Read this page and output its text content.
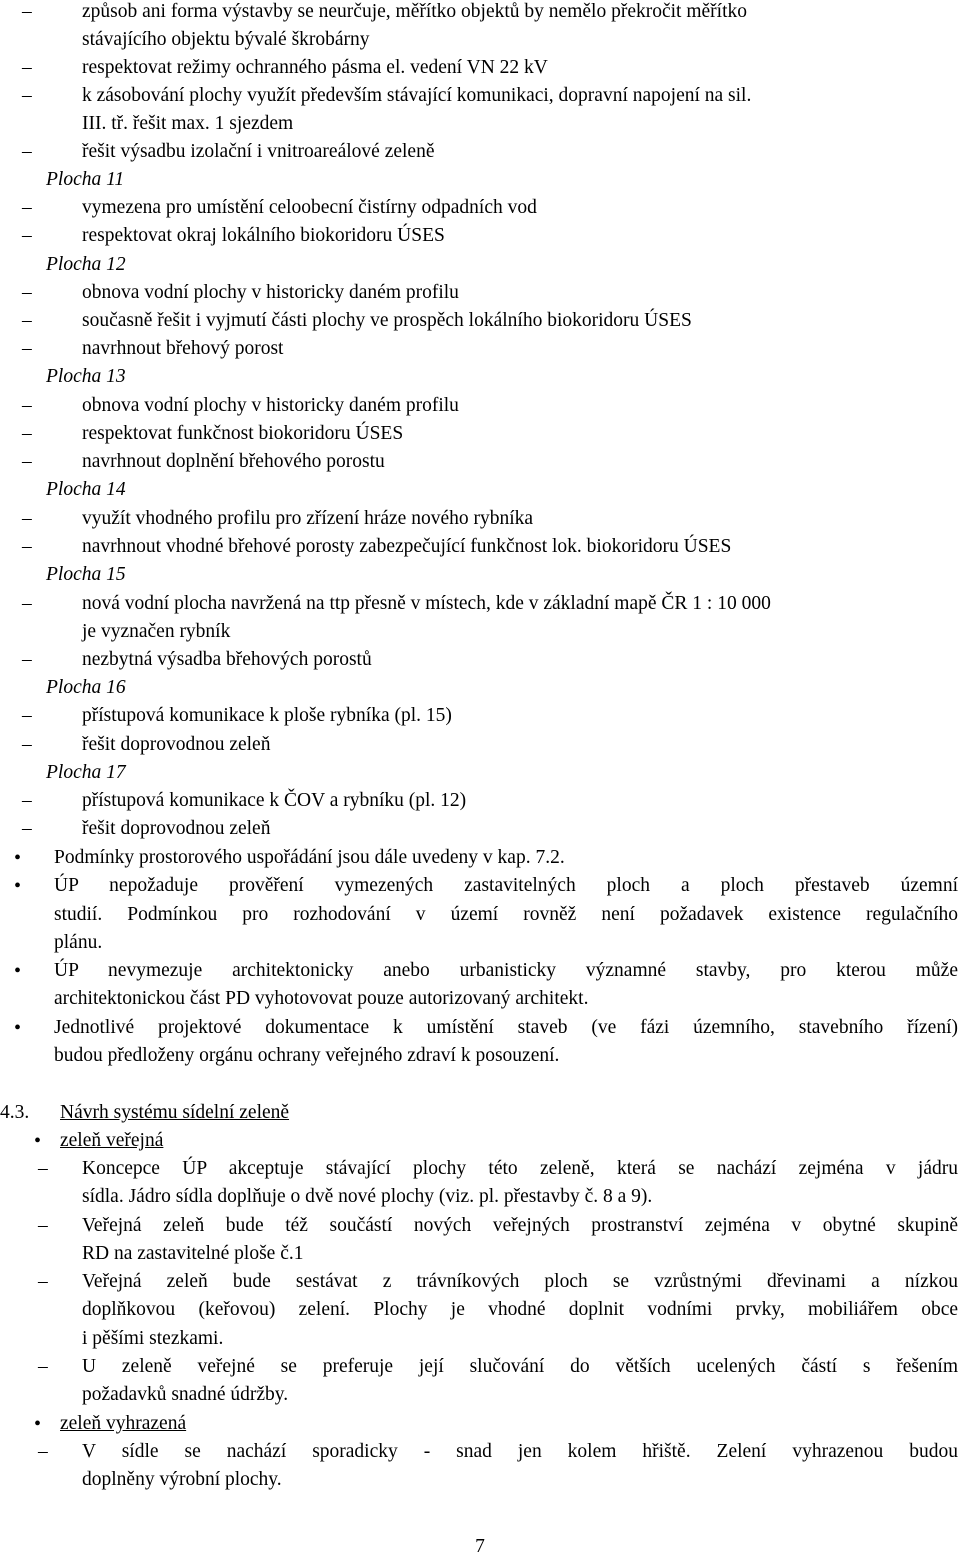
–	způsob ani forma výstavby se neurčuje, měřítko objektů by nemělo překročit měřítko
stávajícího objektu bývalé škrobárny
–	respektovat režimy ochranného pásma el. vedení VN 22 kV
–	k zásobování plochy využít především stávající komunikaci, dopravní napojení na sil.
III. tř. řešit max. 1 sjezdem
–	řešit výsadbu izolační i vnitroareálové zeleně
Plocha 11
–	vymezena pro umístění celoobecní čistírny odpadních vod
–	respektovat okraj lokálního biokoridoru ÚSES
Plocha 12
–	obnova vodní plochy v historicky daném profilu
–	současně řešit i vyjmutí části plochy ve prospěch lokálního biokoridoru ÚSES
–	navrhnout břehový porost
Plocha 13
–	obnova vodní plochy v historicky daném profilu
–	respektovat funkčnost biokoridoru ÚSES
–	navrhnout doplnění břehového porostu
Plocha 14
–	využít vhodného profilu pro zřízení hráze nového rybníka
–	navrhnout vhodné břehové porosty zabezpečující funkčnost lok. biokoridoru ÚSES
Plocha 15
–	nová vodní plocha navržená na ttp přesně v místech, kde v základní mapě ČR 1 : 10 000
je vyznačen rybník
–	nezbytná výsadba břehových porostů
Plocha 16
–	přístupová komunikace k ploše rybníka (pl. 15)
–	řešit doprovodnou zeleň
Plocha 17
–	přístupová komunikace k ČOV a rybníku (pl. 12)
–	řešit doprovodnou zeleň
•	Podmínky prostorového uspořádání jsou dále uvedeny v kap. 7.2.
•	ÚP nepožaduje prověření vymezených zastavitelných ploch a ploch přestaveb územní
studií. Podmínkou pro rozhodování v území rovněž není požadavek existence regulačního
plánu.
•	ÚP nevymezuje architektonicky anebo urbanisticky významné stavby, pro kterou může
architektonickou část PD vyhotovovat pouze autorizovaný architekt.
•	Jednotlivé projektové dokumentace k umístění staveb (ve fázi územního, stavebního řízení)
budou předloženy orgánu ochrany veřejného zdraví k posouzení.
4.3. Návrh systému sídelní zeleně
• zeleň veřejná
–	Koncepce ÚP akceptuje stávající plochy této zeleně, která se nachází zejména v jádru
sídla. Jádro sídla doplňuje o dvě nové plochy (viz. pl. přestavby č. 8 a 9).
–	Veřejná zeleň bude též součástí nových veřejných prostranství zejména v obytné skupině
RD na zastavitelné ploše č.1
–	Veřejná zeleň bude sestávat z trávníkových ploch se vzrůstnými dřevinami a nízkou
doplňkovou (keřovou) zelení. Plochy je vhodné doplnit vodními prvky, mobiliářem obce
i pěšími stezkami.
–	U zeleně veřejné se preferuje její slučování do větších ucelených částí s řešením
požadavků snadné údržby.
• zeleň vyhrazená
–	V sídle se nachází sporadicky - snad jen kolem hřiště. Zelení vyhrazenou budou
doplněny výrobní plochy.
7
